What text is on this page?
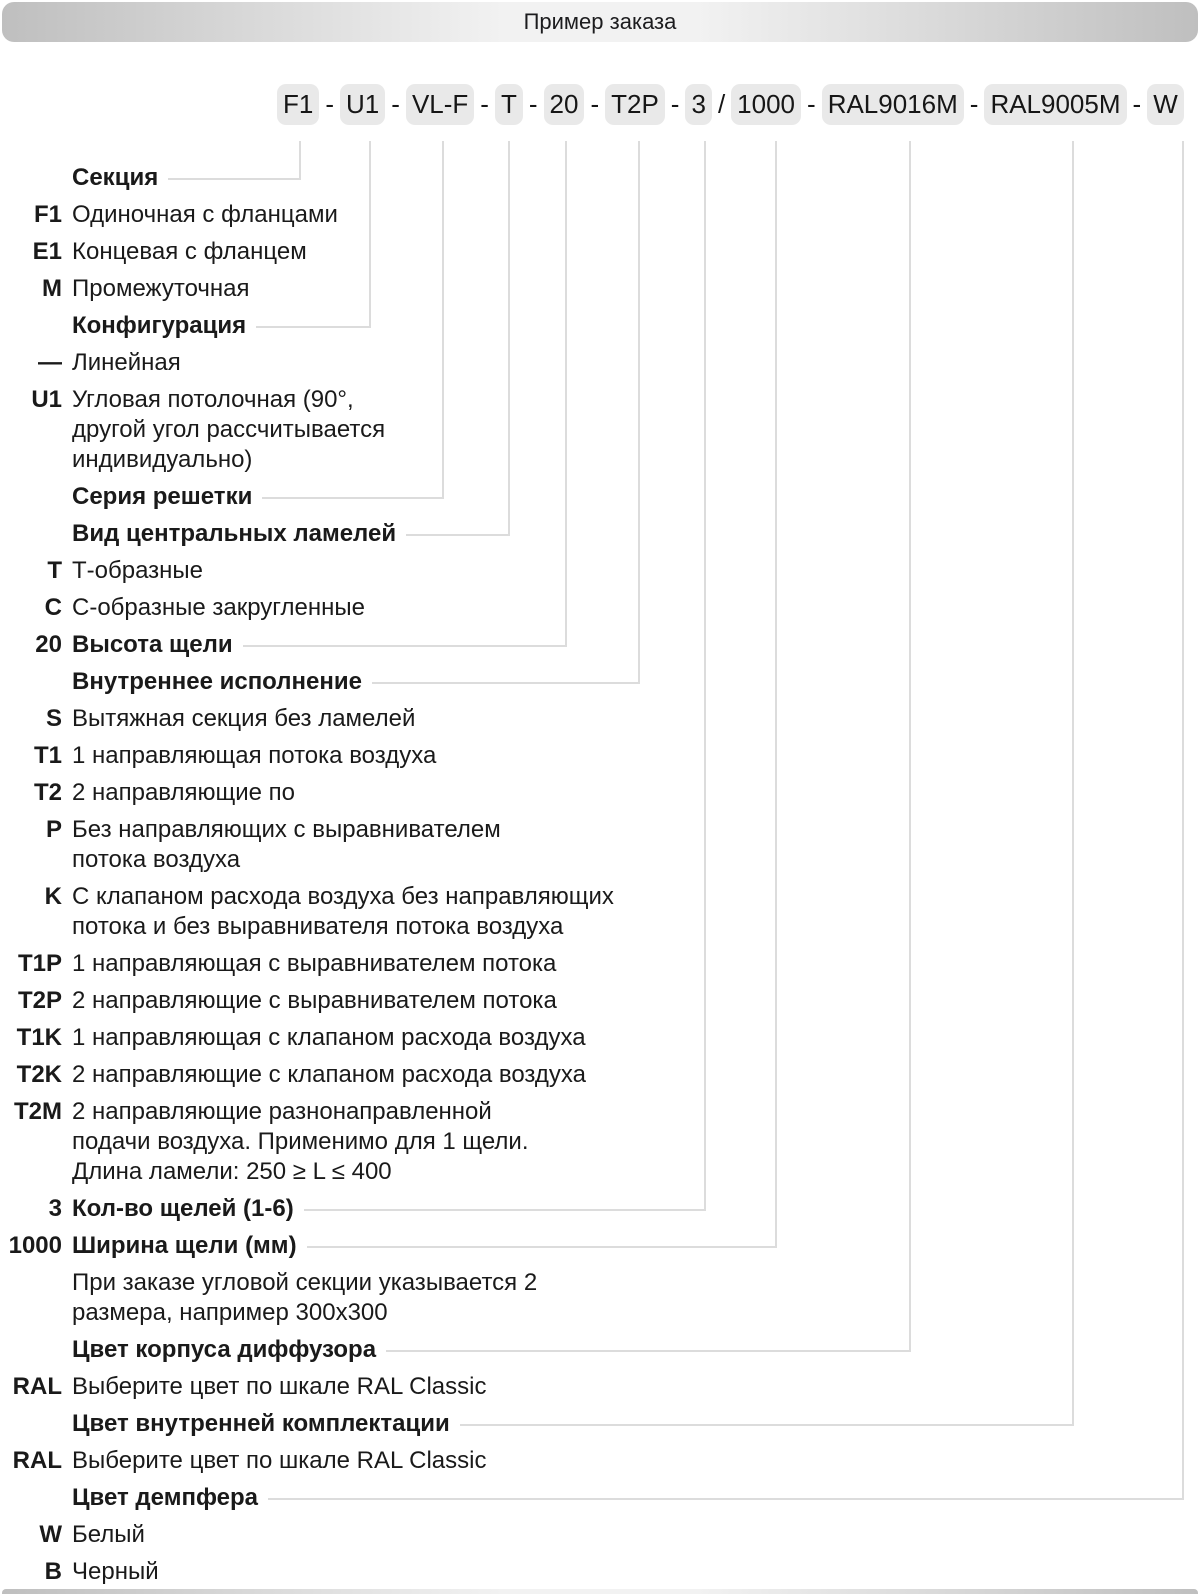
Пример заказа
F1 - U1 - VL-F - T - 20 - T2P - 3 / 1000 - RAL9016M - RAL9005M - W
Секция
F1 Одиночная с фланцами
E1 Концевая с фланцем
M Промежуточная
Конфигурация
— Линейная
U1 Угловая потолочная (90°,
другой угол рассчитывается
индивидуально)
Серия решетки
Вид центральных ламелей
T Т-образные
C С-образные закругленные
20 Высота щели
Внутреннее исполнение
S Вытяжная секция без ламелей
T1 1 направляющая потока воздуха
T2 2 направляющие по
P Без направляющих с выравнивателем
потока воздуха
K С клапаном расхода воздуха без направляющих
потока и без выравнивателя потока воздуха
T1P 1 направляющая с выравнивателем потока
T2P 2 направляющие с выравнивателем потока
T1K 1 направляющая с клапаном расхода воздуха
T2K 2 направляющие с клапаном расхода воздуха
T2M 2 направляющие разнонаправленной
подачи воздуха. Применимо для 1 щели.
Длина ламели: 250 ≥ L ≤ 400
3 Кол-во щелей (1-6)
1000 Ширина щели (мм)
При заказе угловой секции указывается 2
размера, например 300x300
Цвет корпуса диффузора
RAL Выберите цвет по шкале RAL Classic
Цвет внутренней комплектации
RAL Выберите цвет по шкале RAL Classic
Цвет демпфера
W Белый
B Черный
